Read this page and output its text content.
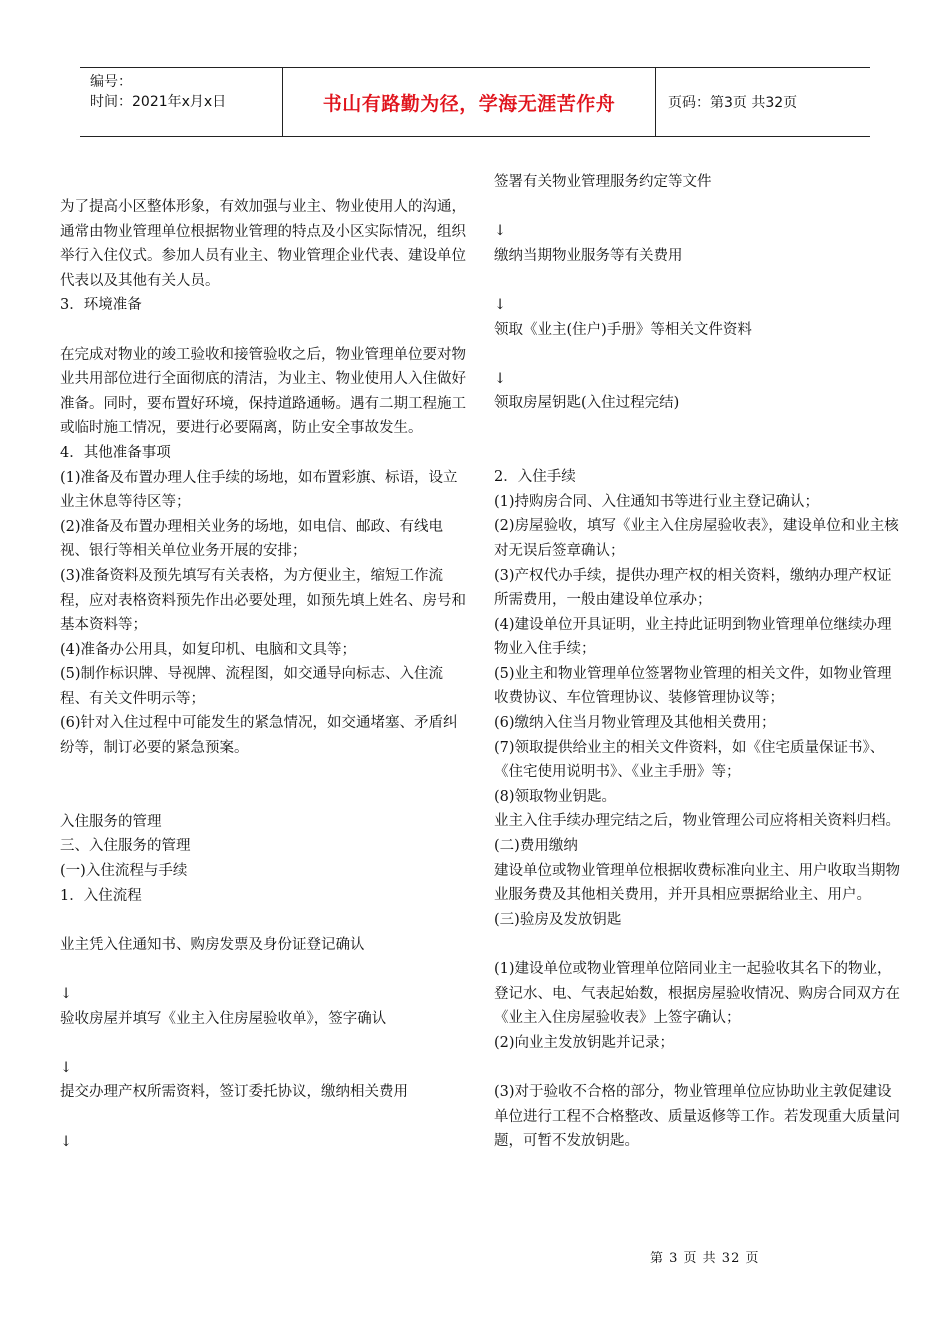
编号：
时间：2021年x月x日	书山有路勤为径，学海无涯苦作舟	页码：第3页 共32页

为了提高小区整体形象，有效加强与业主、物业使用人的沟通，通常由物业管理单位根据物业管理的特点及小区实际情况，组织举行入住仪式。参加人员有业主、物业管理企业代表、建设单位代表以及其他有关人员。

3．环境准备

在完成对物业的竣工验收和接管验收之后，物业管理单位要对物业共用部位进行全面彻底的清洁，为业主、物业使用人入住做好准备。同时，要布置好环境，保持道路通畅。遇有二期工程施工或临时施工情况，要进行必要隔离，防止安全事故发生。

4．其他准备事项

(1)准备及布置办理人住手续的场地，如布置彩旗、标语，设立业主休息等待区等；

(2)准备及布置办理相关业务的场地，如电信、邮政、有线电视、银行等相关单位业务开展的安排；

(3)准备资料及预先填写有关表格，为方便业主，缩短工作流程，应对表格资料预先作出必要处理，如预先填上姓名、房号和基本资料等；

(4)准备办公用具，如复印机、电脑和文具等；

(5)制作标识牌、导视牌、流程图，如交通导向标志、入住流程、有关文件明示等；

(6)针对入住过程中可能发生的紧急情况，如交通堵塞、矛盾纠纷等，制订必要的紧急预案。

入住服务的管理

三、入住服务的管理

(一)入住流程与手续

1．入住流程

业主凭入住通知书、购房发票及身份证登记确认

↓

验收房屋并填写《业主入住房屋验收单》，签字确认

↓

提交办理产权所需资料，签订委托协议，缴纳相关费用

↓

签署有关物业管理服务约定等文件

↓

缴纳当期物业服务等有关费用

↓

领取《业主(住户)手册》等相关文件资料

↓

领取房屋钥匙(入住过程完结)

2．入住手续

(1)持购房合同、入住通知书等进行业主登记确认；

(2)房屋验收，填写《业主入住房屋验收表》，建设单位和业主核对无误后签章确认；

(3)产权代办手续，提供办理产权的相关资料，缴纳办理产权证所需费用，一般由建设单位承办；

(4)建设单位开具证明，业主持此证明到物业管理单位继续办理物业入住手续；

(5)业主和物业管理单位签署物业管理的相关文件，如物业管理收费协议、车位管理协议、装修管理协议等；

(6)缴纳入住当月物业管理及其他相关费用；

(7)领取提供给业主的相关文件资料，如《住宅质量保证书》、《住宅使用说明书》、《业主手册》等；

(8)领取物业钥匙。

业主入住手续办理完结之后，物业管理公司应将相关资料归档。

(二)费用缴纳

建设单位或物业管理单位根据收费标准向业主、用户收取当期物业服务费及其他相关费用，并开具相应票据给业主、用户。

(三)验房及发放钥匙

(1)建设单位或物业管理单位陪同业主一起验收其名下的物业，登记水、电、气表起始数，根据房屋验收情况、购房合同双方在《业主入住房屋验收表》上签字确认；

(2)向业主发放钥匙并记录；

(3)对于验收不合格的部分，物业管理单位应协助业主敦促建设单位进行工程不合格整改、质量返修等工作。若发现重大质量问题，可暂不发放钥匙。

第 3 页 共 32 页
